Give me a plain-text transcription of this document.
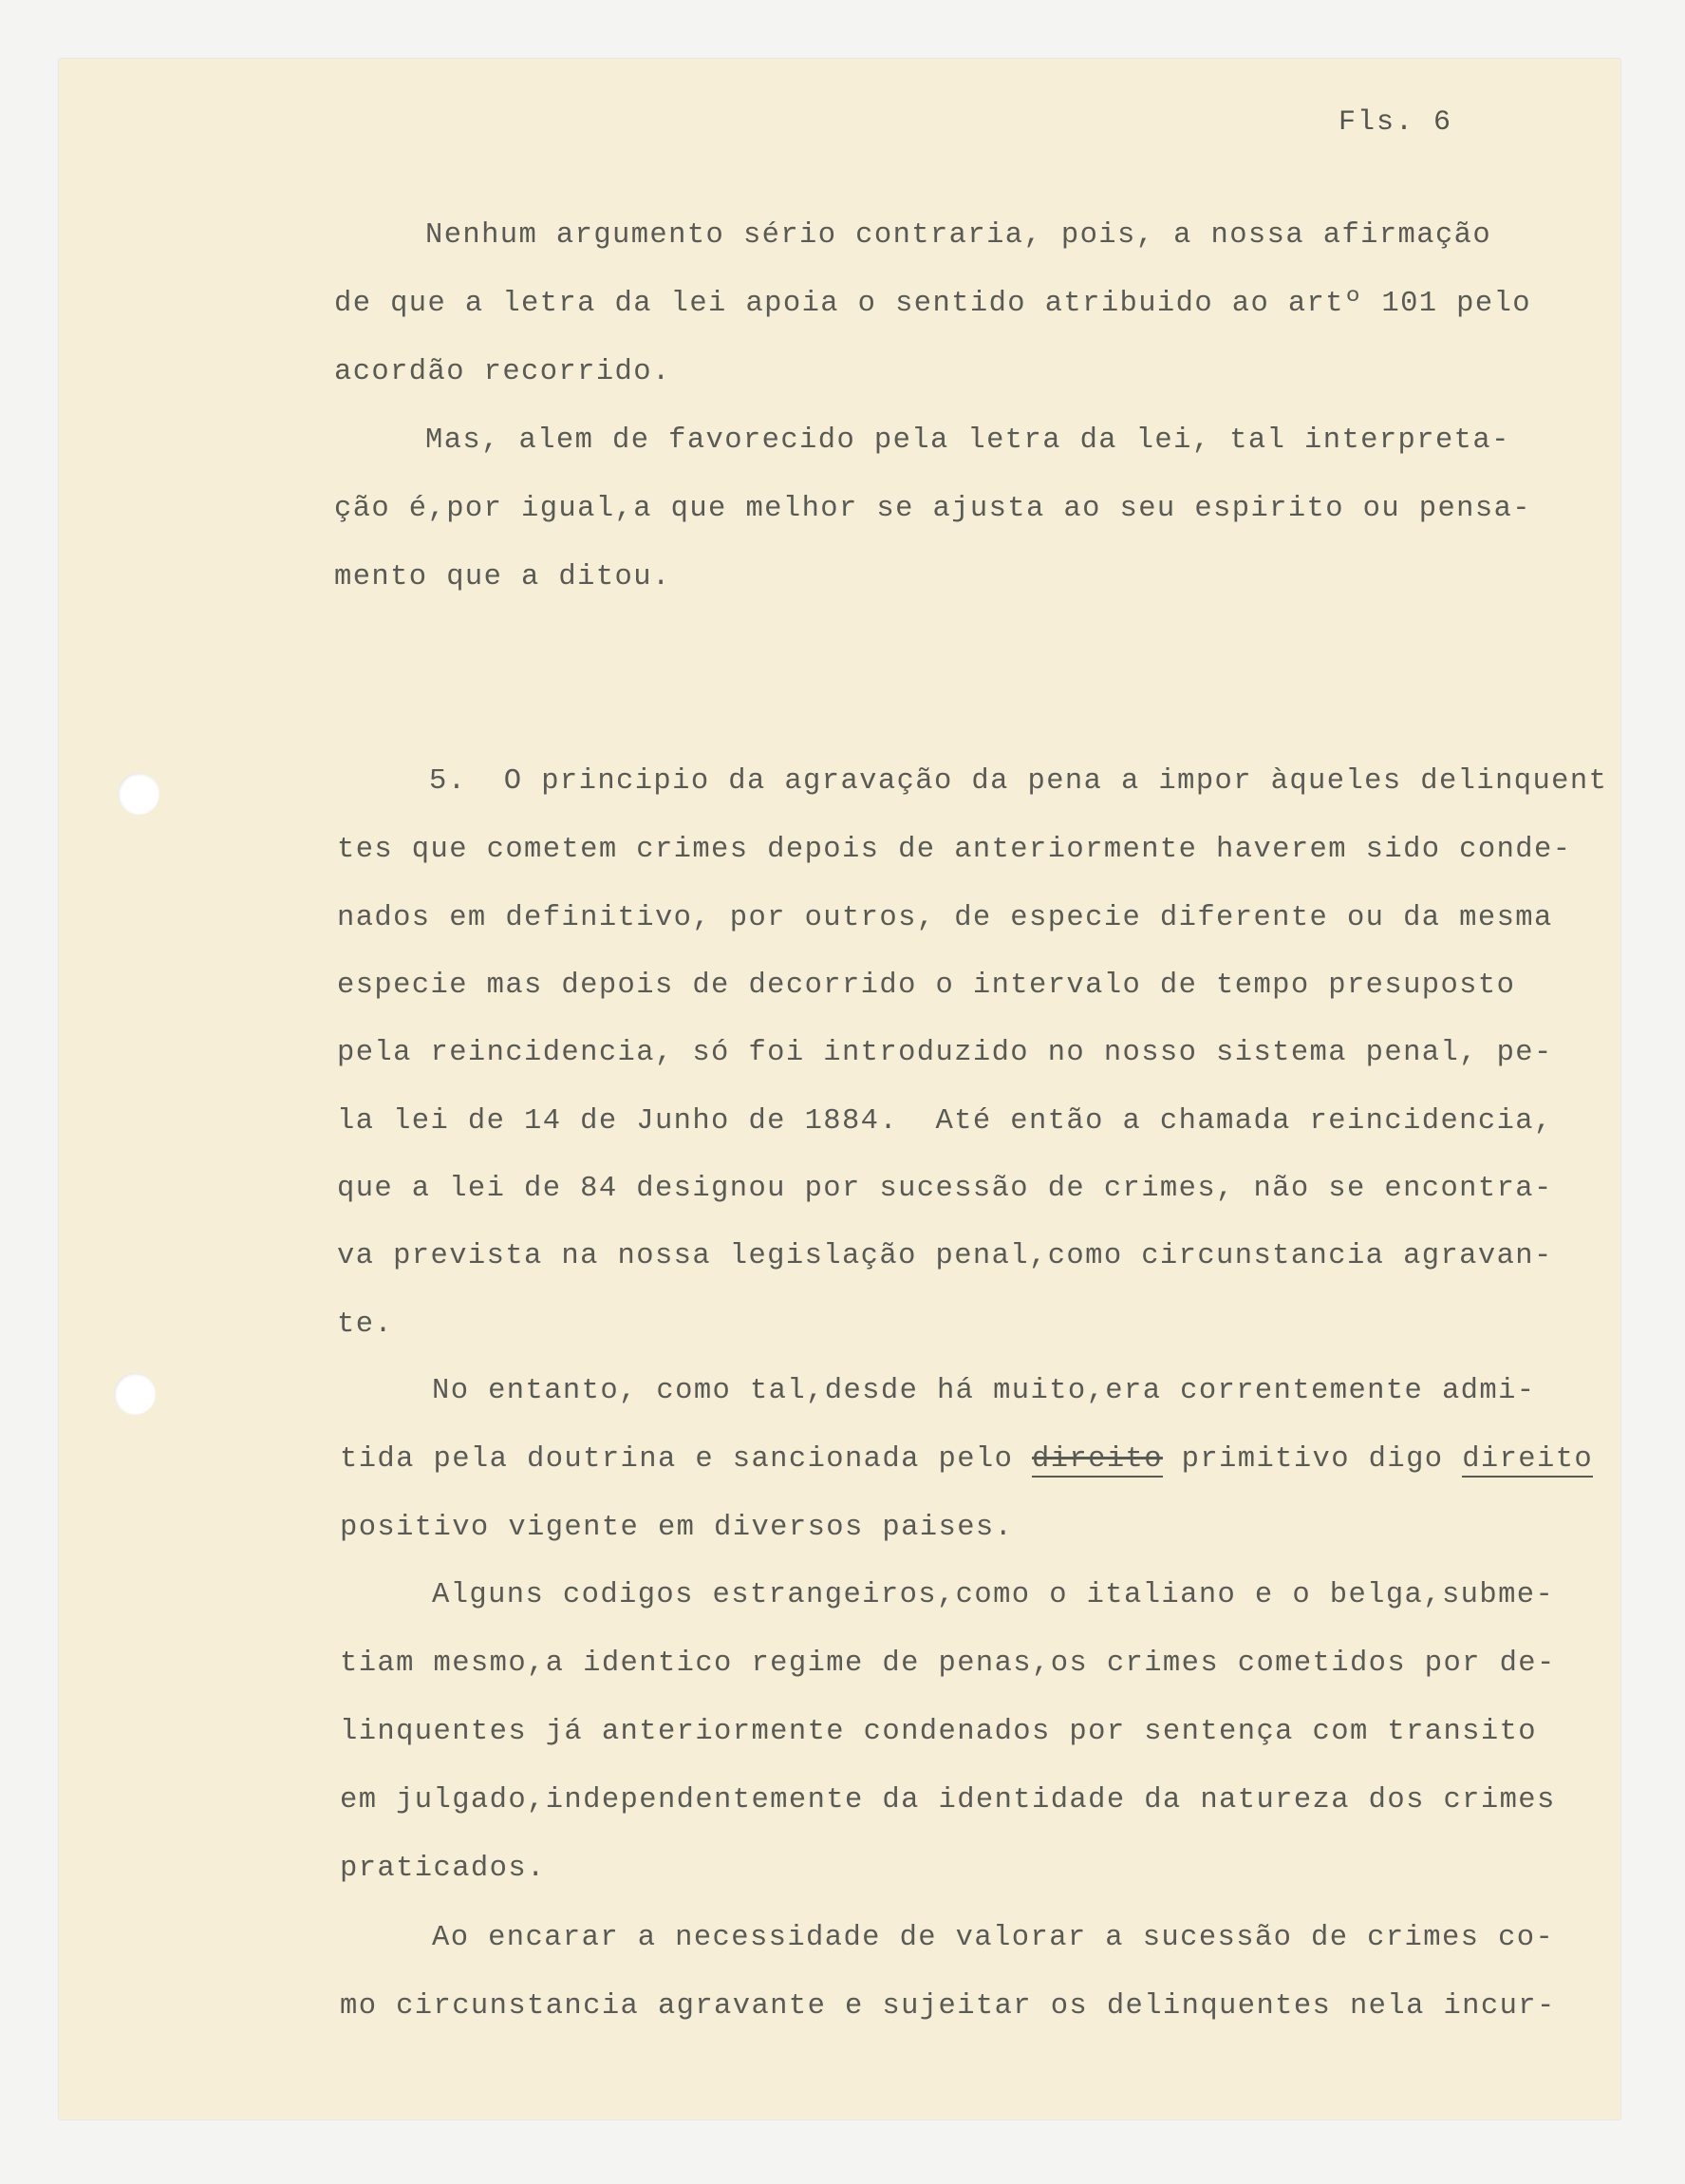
Fls. 6
Nenhum argumento sério contraria, pois, a nossa afirmação
de que a letra da lei apoia o sentido atribuido ao artº 101 pelo
acordão recorrido.
Mas, alem de favorecido pela letra da lei, tal interpreta-
ção é,por igual,a que melhor se ajusta ao seu espirito ou pensa-
mento que a ditou.
5.  O principio da agravação da pena a impor àqueles delinquent
tes que cometem crimes depois de anteriormente haverem sido conde-
nados em definitivo, por outros, de especie diferente ou da mesma
especie mas depois de decorrido o intervalo de tempo presuposto
pela reincidencia, só foi introduzido no nosso sistema penal, pe-
la lei de 14 de Junho de 1884.  Até então a chamada reincidencia,
que a lei de 84 designou por sucessão de crimes, não se encontra-
va prevista na nossa legislação penal,como circunstancia agravan-
te.
No entanto, como tal,desde há muito,era correntemente admi-
tida pela doutrina e sancionada pelo direito primitivo digo direito
positivo vigente em diversos paises.
Alguns codigos estrangeiros,como o italiano e o belga,subme-
tiam mesmo,a identico regime de penas,os crimes cometidos por de-
linquentes já anteriormente condenados por sentença com transito
em julgado,independentemente da identidade da natureza dos crimes
praticados.
Ao encarar a necessidade de valorar a sucessão de crimes co-
mo circunstancia agravante e sujeitar os delinquentes nela incur-
